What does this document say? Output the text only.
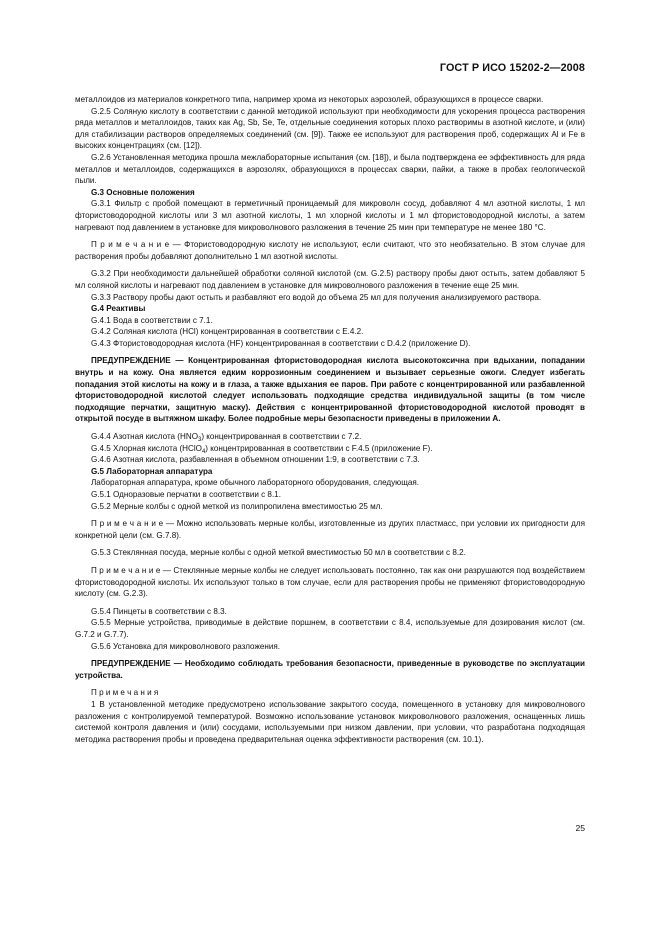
ГОСТ Р ИСО 15202-2—2008

металлоидов из материалов конкретного типа, например хрома из некоторых аэрозолей, образующихся в процессе сварки.

G.2.5 Соляную кислоту в соответствии с данной методикой используют при необходимости для ускорения процесса растворения ряда металлов и металлоидов, таких как Ag, Sb, Se, Te, отдельные соединения которых плохо растворимы в азотной кислоте, и (или) для стабилизации растворов определяемых соединений (см. [9]). Также ее используют для растворения проб, содержащих Al и Fe в высоких концентрациях (см. [12]).

G.2.6 Установленная методика прошла межлабораторные испытания (см. [18]), и была подтверждена ее эффективность для ряда металлов и металлоидов, содержащихся в аэрозолях, образующихся в процессах сварки, пайки, а также в пробах геологической пыли.

G.3 Основные положения

G.3.1 Фильтр с пробой помещают в герметичный проницаемый для микроволн сосуд, добавляют 4 мл азотной кислоты, 1 мл фтористоводородной кислоты или 3 мл азотной кислоты, 1 мл хлорной кислоты и 1 мл фтористоводородной кислоты, а затем нагревают под давлением в установке для микроволнового разложения в течение 25 мин при температуре не менее 180 °С.

П р и м е ч а н и е — Фтористоводородную кислоту не используют, если считают, что это необязательно. В этом случае для растворения пробы добавляют дополнительно 1 мл азотной кислоты.

G.3.2 При необходимости дальнейшей обработки соляной кислотой (см. G.2.5) раствору пробы дают остыть, затем добавляют 5 мл соляной кислоты и нагревают под давлением в установке для микроволнового разложения в течение еще 25 мин.

G.3.3 Раствору пробы дают остыть и разбавляют его водой до объема 25 мл для получения анализируемого раствора.

G.4 Реактивы

G.4.1 Вода в соответствии с 7.1.

G.4.2 Соляная кислота (HCl) концентрированная в соответствии с Е.4.2.

G.4.3 Фтористоводородная кислота (HF) концентрированная в соответствии с D.4.2 (приложение D).

ПРЕДУПРЕЖДЕНИЕ — Концентрированная фтористоводородная кислота высокотоксична при вдыхании, попадании внутрь и на кожу. Она является едким коррозионным соединением и вызывает серьезные ожоги. Следует избегать попадания этой кислоты на кожу и в глаза, а также вдыхания ее паров. При работе с концентрированной или разбавленной фтористоводородной кислотой следует использовать подходящие средства индивидуальной защиты (в том числе подходящие перчатки, защитную маску). Действия с концентрированной фтористоводородной кислотой проводят в открытой посуде в вытяжном шкафу. Более подробные меры безопасности приведены в приложении А.

G.4.4 Азотная кислота $(HNO_3)$ концентрированная в соответствии с 7.2.

G.4.5 Хлорная кислота (HClO$_4$) концентрированная в соответствии с F.4.5 (приложение F).

G.4.6 Азотная кислота, разбавленная в объемном отношении 1:9, в соответствии с 7.3.

G.5 Лабораторная аппаратура

Лабораторная аппаратура, кроме обычного лабораторного оборудования, следующая.

G.5.1 Одноразовые перчатки в соответствии с 8.1.

G.5.2 Мерные колбы с одной меткой из полипропилена вместимостью 25 мл.

П р и м е ч а н и е — Можно использовать мерные колбы, изготовленные из других пластмасс, при условии их пригодности для конкретной цели (см. G.7.8).

G.5.3 Стеклянная посуда, мерные колбы с одной меткой вместимостью 50 мл в соответствии с 8.2.

П р и м е ч а н и е — Стеклянные мерные колбы не следует использовать постоянно, так как они разрушаются под воздействием фтористоводородной кислоты. Их используют только в том случае, если для растворения пробы не применяют фтористоводородную кислоту (см. G.2.3).

G.5.4 Пинцеты в соответствии с 8.3.

G.5.5 Мерные устройства, приводимые в действие поршнем, в соответствии с 8.4, используемые для дозирования кислот (см. G.7.2 и G.7.7).

G.5.6 Установка для микроволнового разложения.

ПРЕДУПРЕЖДЕНИЕ — Необходимо соблюдать требования безопасности, приведенные в руководстве по эксплуатации устройства.

П р и м е ч а н и я

1 В установленной методике предусмотрено использование закрытого сосуда, помещенного в установку для микроволнового разложения с контролируемой температурой. Возможно использование установок микроволнового разложения, оснащенных лишь системой контроля давления и (или) сосудами, используемыми при низком давлении, при условии, что разработана подходящая методика растворения пробы и проведена предварительная оценка эффективности растворения (см. 10.1).

25
